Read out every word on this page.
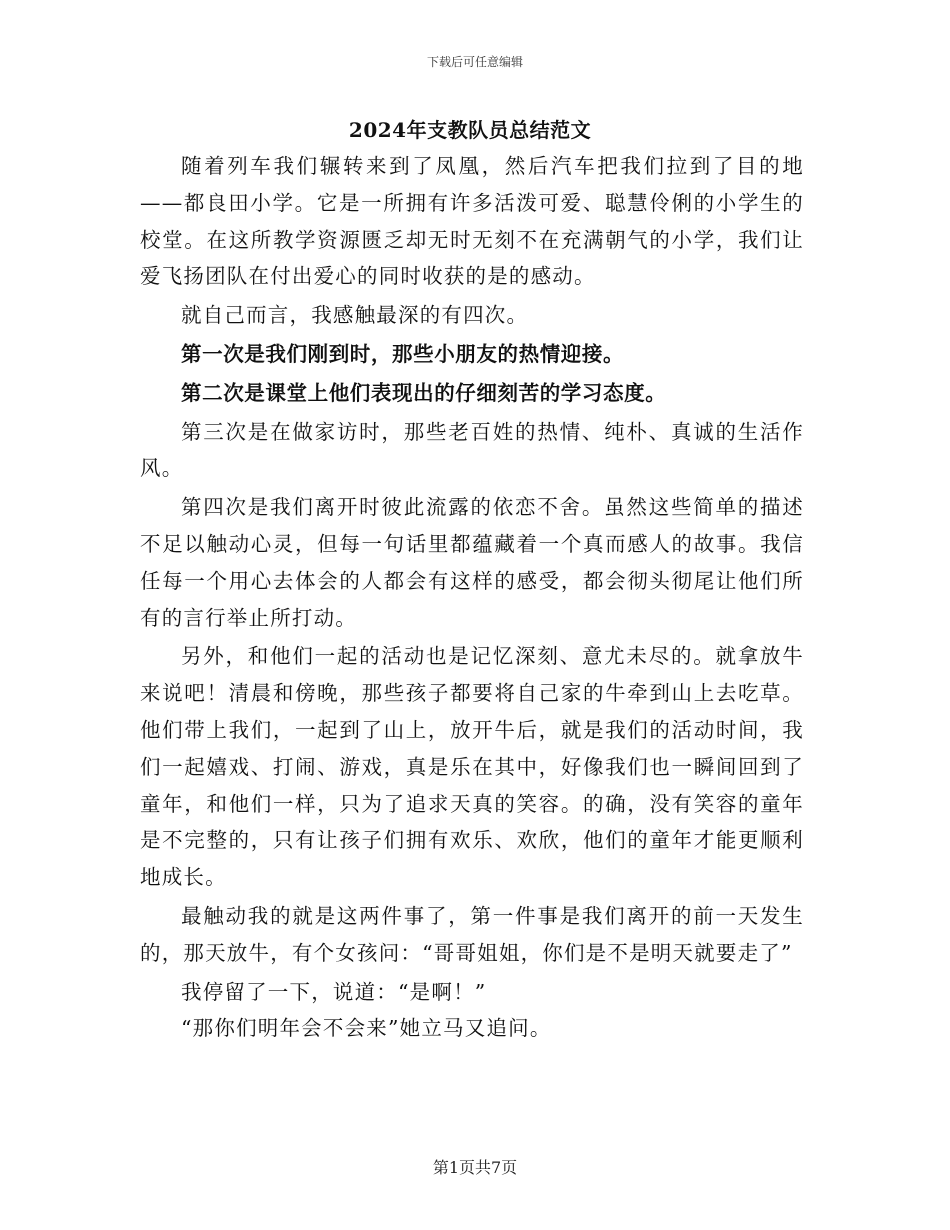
下载后可任意编辑
2024年支教队员总结范文

随着列车我们辗转来到了凤凰，然后汽车把我们拉到了目的地——都良田小学。它是一所拥有许多活泼可爱、聪慧伶俐的小学生的校堂。在这所教学资源匮乏却无时无刻不在充满朝气的小学，我们让爱飞扬团队在付出爱心的同时收获的是的感动。

就自己而言，我感触最深的有四次。

第一次是我们刚到时，那些小朋友的热情迎接。

第二次是课堂上他们表现出的仔细刻苦的学习态度。

第三次是在做家访时，那些老百姓的热情、纯朴、真诚的生活作风。

第四次是我们离开时彼此流露的依恋不舍。虽然这些简单的描述不足以触动心灵，但每一句话里都蕴藏着一个真而感人的故事。我信任每一个用心去体会的人都会有这样的感受，都会彻头彻尾让他们所有的言行举止所打动。

另外，和他们一起的活动也是记忆深刻、意尤未尽的。就拿放牛来说吧！清晨和傍晚，那些孩子都要将自己家的牛牵到山上去吃草。他们带上我们，一起到了山上，放开牛后，就是我们的活动时间，我们一起嬉戏、打闹、游戏，真是乐在其中，好像我们也一瞬间回到了童年，和他们一样，只为了追求天真的笑容。的确，没有笑容的童年是不完整的，只有让孩子们拥有欢乐、欢欣，他们的童年才能更顺利地成长。

最触动我的就是这两件事了，第一件事是我们离开的前一天发生的，那天放牛，有个女孩问：“哥哥姐姐，你们是不是明天就要走了”

我停留了一下，说道：“是啊！”

“那你们明年会不会来”她立马又追问。

第1页共7页
